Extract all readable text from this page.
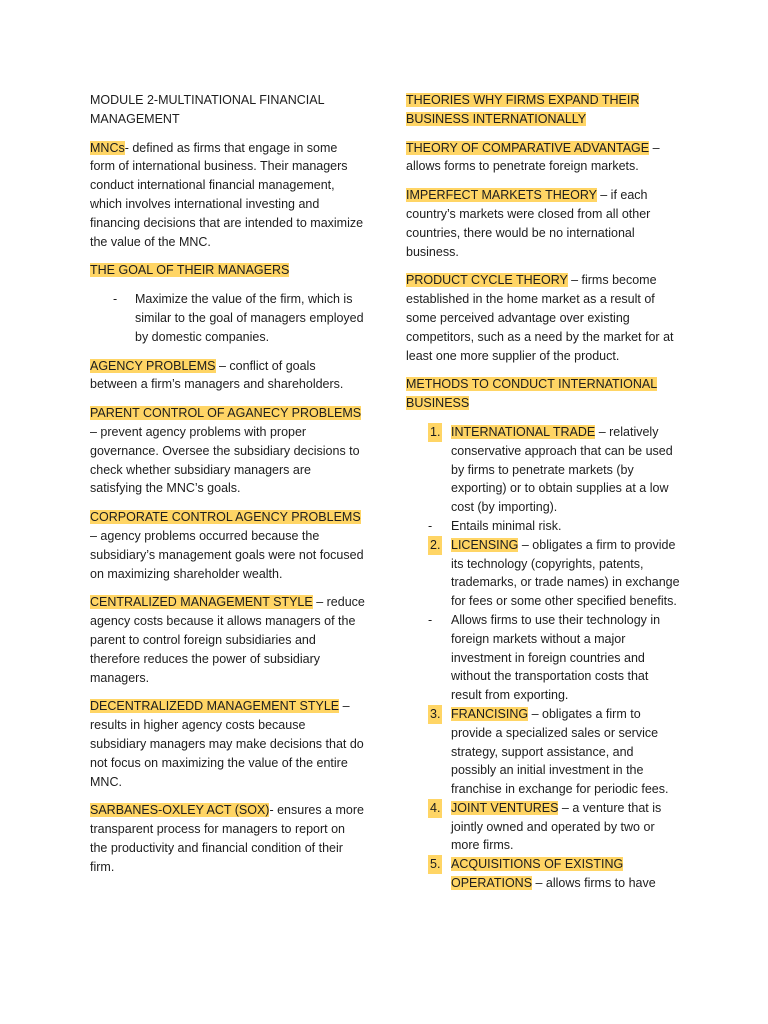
MODULE 2-MULTINATIONAL FINANCIAL MANAGEMENT

MNCs- defined as firms that engage in some form of international business. Their managers conduct international financial management, which involves international investing and financing decisions that are intended to maximize the value of the MNC.

THE GOAL OF THEIR MANAGERS

- Maximize the value of the firm, which is similar to the goal of managers employed by domestic companies.

AGENCY PROBLEMS – conflict of goals between a firm’s managers and shareholders.

PARENT CONTROL OF AGANECY PROBLEMS
– prevent agency problems with proper governance. Oversee the subsidiary decisions to check whether subsidiary managers are satisfying the MNC’s goals.

CORPORATE CONTROL AGENCY PROBLEMS
– agency problems occurred because the subsidiary’s management goals were not focused on maximizing shareholder wealth.

CENTRALIZED MANAGEMENT STYLE – reduce agency costs because it allows managers of the parent to control foreign subsidiaries and therefore reduces the power of subsidiary managers.

DECENTRALIZEDD MANAGEMENT STYLE – results in higher agency costs because subsidiary managers may make decisions that do not focus on maximizing the value of the entire MNC.

SARBANES-OXLEY ACT (SOX)- ensures a more transparent process for managers to report on the productivity and financial condition of their firm.

THEORIES WHY FIRMS EXPAND THEIR BUSINESS INTERNATIONALLY

THEORY OF COMPARATIVE ADVANTAGE – allows forms to penetrate foreign markets.

IMPERFECT MARKETS THEORY – if each country’s markets were closed from all other countries, there would be no international business.

PRODUCT CYCLE THEORY – firms become established in the home market as a result of some perceived advantage over existing competitors, such as a need by the market for at least one more supplier of the product.

METHODS TO CONDUCT INTERNATIONAL BUSINESS

1. INTERNATIONAL TRADE – relatively conservative approach that can be used by firms to penetrate markets (by exporting) or to obtain supplies at a low cost (by importing).
- Entails minimal risk.
2. LICENSING – obligates a firm to provide its technology (copyrights, patents, trademarks, or trade names) in exchange for fees or some other specified benefits.
- Allows firms to use their technology in foreign markets without a major investment in foreign countries and without the transportation costs that result from exporting.
3. FRANCISING – obligates a firm to provide a specialized sales or service strategy, support assistance, and possibly an initial investment in the franchise in exchange for periodic fees.
4. JOINT VENTURES – a venture that is jointly owned and operated by two or more firms.
5. ACQUISITIONS OF EXISTING OPERATIONS – allows firms to have
